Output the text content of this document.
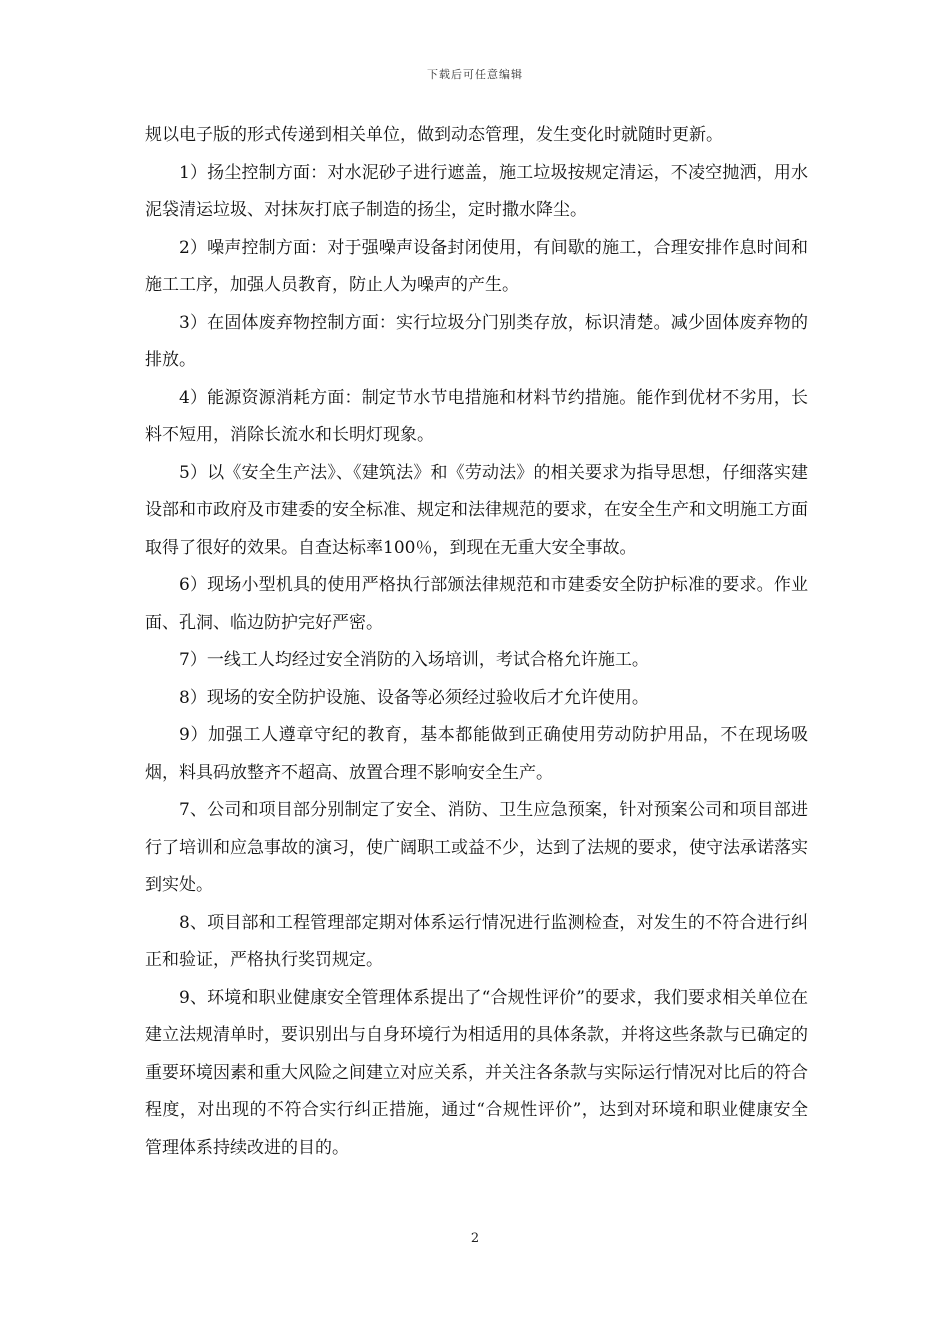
下载后可任意编辑

规以电子版的形式传递到相关单位，做到动态管理，发生变化时就随时更新。

1）扬尘控制方面：对水泥砂子进行遮盖，施工垃圾按规定清运，不凌空抛洒，用水泥袋清运垃圾、对抹灰打底子制造的扬尘，定时撒水降尘。

2）噪声控制方面：对于强噪声设备封闭使用，有间歇的施工，合理安排作息时间和施工工序，加强人员教育，防止人为噪声的产生。

3）在固体废弃物控制方面：实行垃圾分门别类存放，标识清楚。减少固体废弃物的排放。

4）能源资源消耗方面：制定节水节电措施和材料节约措施。能作到优材不劣用，长料不短用，消除长流水和长明灯现象。

5）以《安全生产法》、《建筑法》和《劳动法》的相关要求为指导思想，仔细落实建设部和市政府及市建委的安全标准、规定和法律规范的要求，在安全生产和文明施工方面取得了很好的效果。自查达标率100％，到现在无重大安全事故。

6）现场小型机具的使用严格执行部颁法律规范和市建委安全防护标准的要求。作业面、孔洞、临边防护完好严密。

7）一线工人均经过安全消防的入场培训，考试合格允许施工。

8）现场的安全防护设施、设备等必须经过验收后才允许使用。

9）加强工人遵章守纪的教育，基本都能做到正确使用劳动防护用品，不在现场吸烟，料具码放整齐不超高、放置合理不影响安全生产。

7、公司和项目部分别制定了安全、消防、卫生应急预案，针对预案公司和项目部进行了培训和应急事故的演习，使广阔职工或益不少，达到了法规的要求，使守法承诺落实到实处。

8、项目部和工程管理部定期对体系运行情况进行监测检查，对发生的不符合进行纠正和验证，严格执行奖罚规定。

9、环境和职业健康安全管理体系提出了“合规性评价”的要求，我们要求相关单位在建立法规清单时，要识别出与自身环境行为相适用的具体条款，并将这些条款与已确定的重要环境因素和重大风险之间建立对应关系，并关注各条款与实际运行情况对比后的符合程度，对出现的不符合实行纠正措施，通过“合规性评价”，达到对环境和职业健康安全管理体系持续改进的目的。

2
